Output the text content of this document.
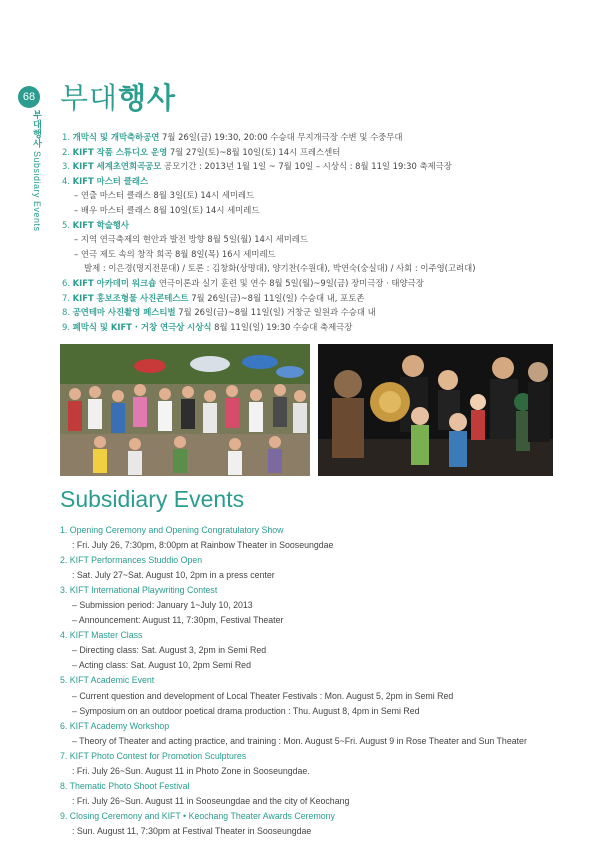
68
부대행사 Subsidiary Events
부대행사
1. 개막식 및 개막축하공연 7월 26일(금) 19:30, 20:00 수승대 무지개극장 수변 및 수중무대
2. KIFT 작품 스튜디오 운영 7월 27일(토)~8월 10일(토) 14시 프레스센터
3. KIFT 세계초연희곡공모 공모기간 : 2013년 1월 1일 ~ 7월 10일 – 시상식 : 8월 11일 19:30 축제극장
4. KIFT 마스터 클래스
– 연출 마스터 클래스 8월 3일(토) 14시 세미레드
– 배우 마스터 클래스 8월 10일(토) 14시 세미레드
5. KIFT 학술행사
– 지역 연극축제의 현안과 발전 방향 8월 5일(월) 14시 세미레드
– 연극 제도 속의 창작 희곡 8월 8일(목) 16시 세미레드
발제 : 이은경(명지전문대) / 토론 : 김창화(상명대), 양기찬(수원대), 박연숙(숭실대) / 사회 : 이주영(고려대)
6. KIFT 아카데미 워크숍 연극이론과 실기 훈련 및 연수 8월 5일(월)~9일(금) 장미극장 · 태양극장
7. KIFT 홍보조형물 사진콘테스트 7월 26일(금)~8월 11일(일) 수승대 내, 포토존
8. 공연테마 사진촬영 페스티벌 7월 26일(금)~8월 11일(일) 거창군 일원과 수승대 내
9. 폐막식 및 KIFT · 거창 연극상 시상식 8월 11일(일) 19:30 수승대 축제극장
Subsidiary Events
1. Opening Ceremony and Opening Congratulatory Show
: Fri. July 26, 7:30pm, 8:00pm at Rainbow Theater in Sooseungdae
2. KIFT Performances Studdio Open
: Sat. July 27~Sat. August 10, 2pm in a press center
3. KIFT International Playwriting Contest
– Submission period: January 1~July 10, 2013
– Announcement: August 11, 7:30pm, Festival Theater
4. KIFT Master Class
– Directing class: Sat. August 3, 2pm in Semi Red
– Acting class: Sat. August 10, 2pm Semi Red
5. KIFT Academic Event
– Current question and development of Local Theater Festivals : Mon. August 5, 2pm in Semi Red
– Symposium on an outdoor poetical drama production : Thu. August 8, 4pm in Semi Red
6. KIFT Academy Workshop
– Theory of Theater and acting practice, and training : Mon. August 5~Fri. August 9 in Rose Theater and Sun Theater
7. KIFT Photo Contest for Promotion Sculptures
: Fri. July 26~Sun. August 11 in Photo Zone in Sooseungdae.
8. Thematic Photo Shoot Festival
: Fri. July 26~Sun. August 11 in Sooseungdae and the city of Keochang
9. Closing Ceremony and KIFT • Keochang Theater Awards Ceremony
: Sun. August 11, 7:30pm at Festival Theater in Sooseungdae
